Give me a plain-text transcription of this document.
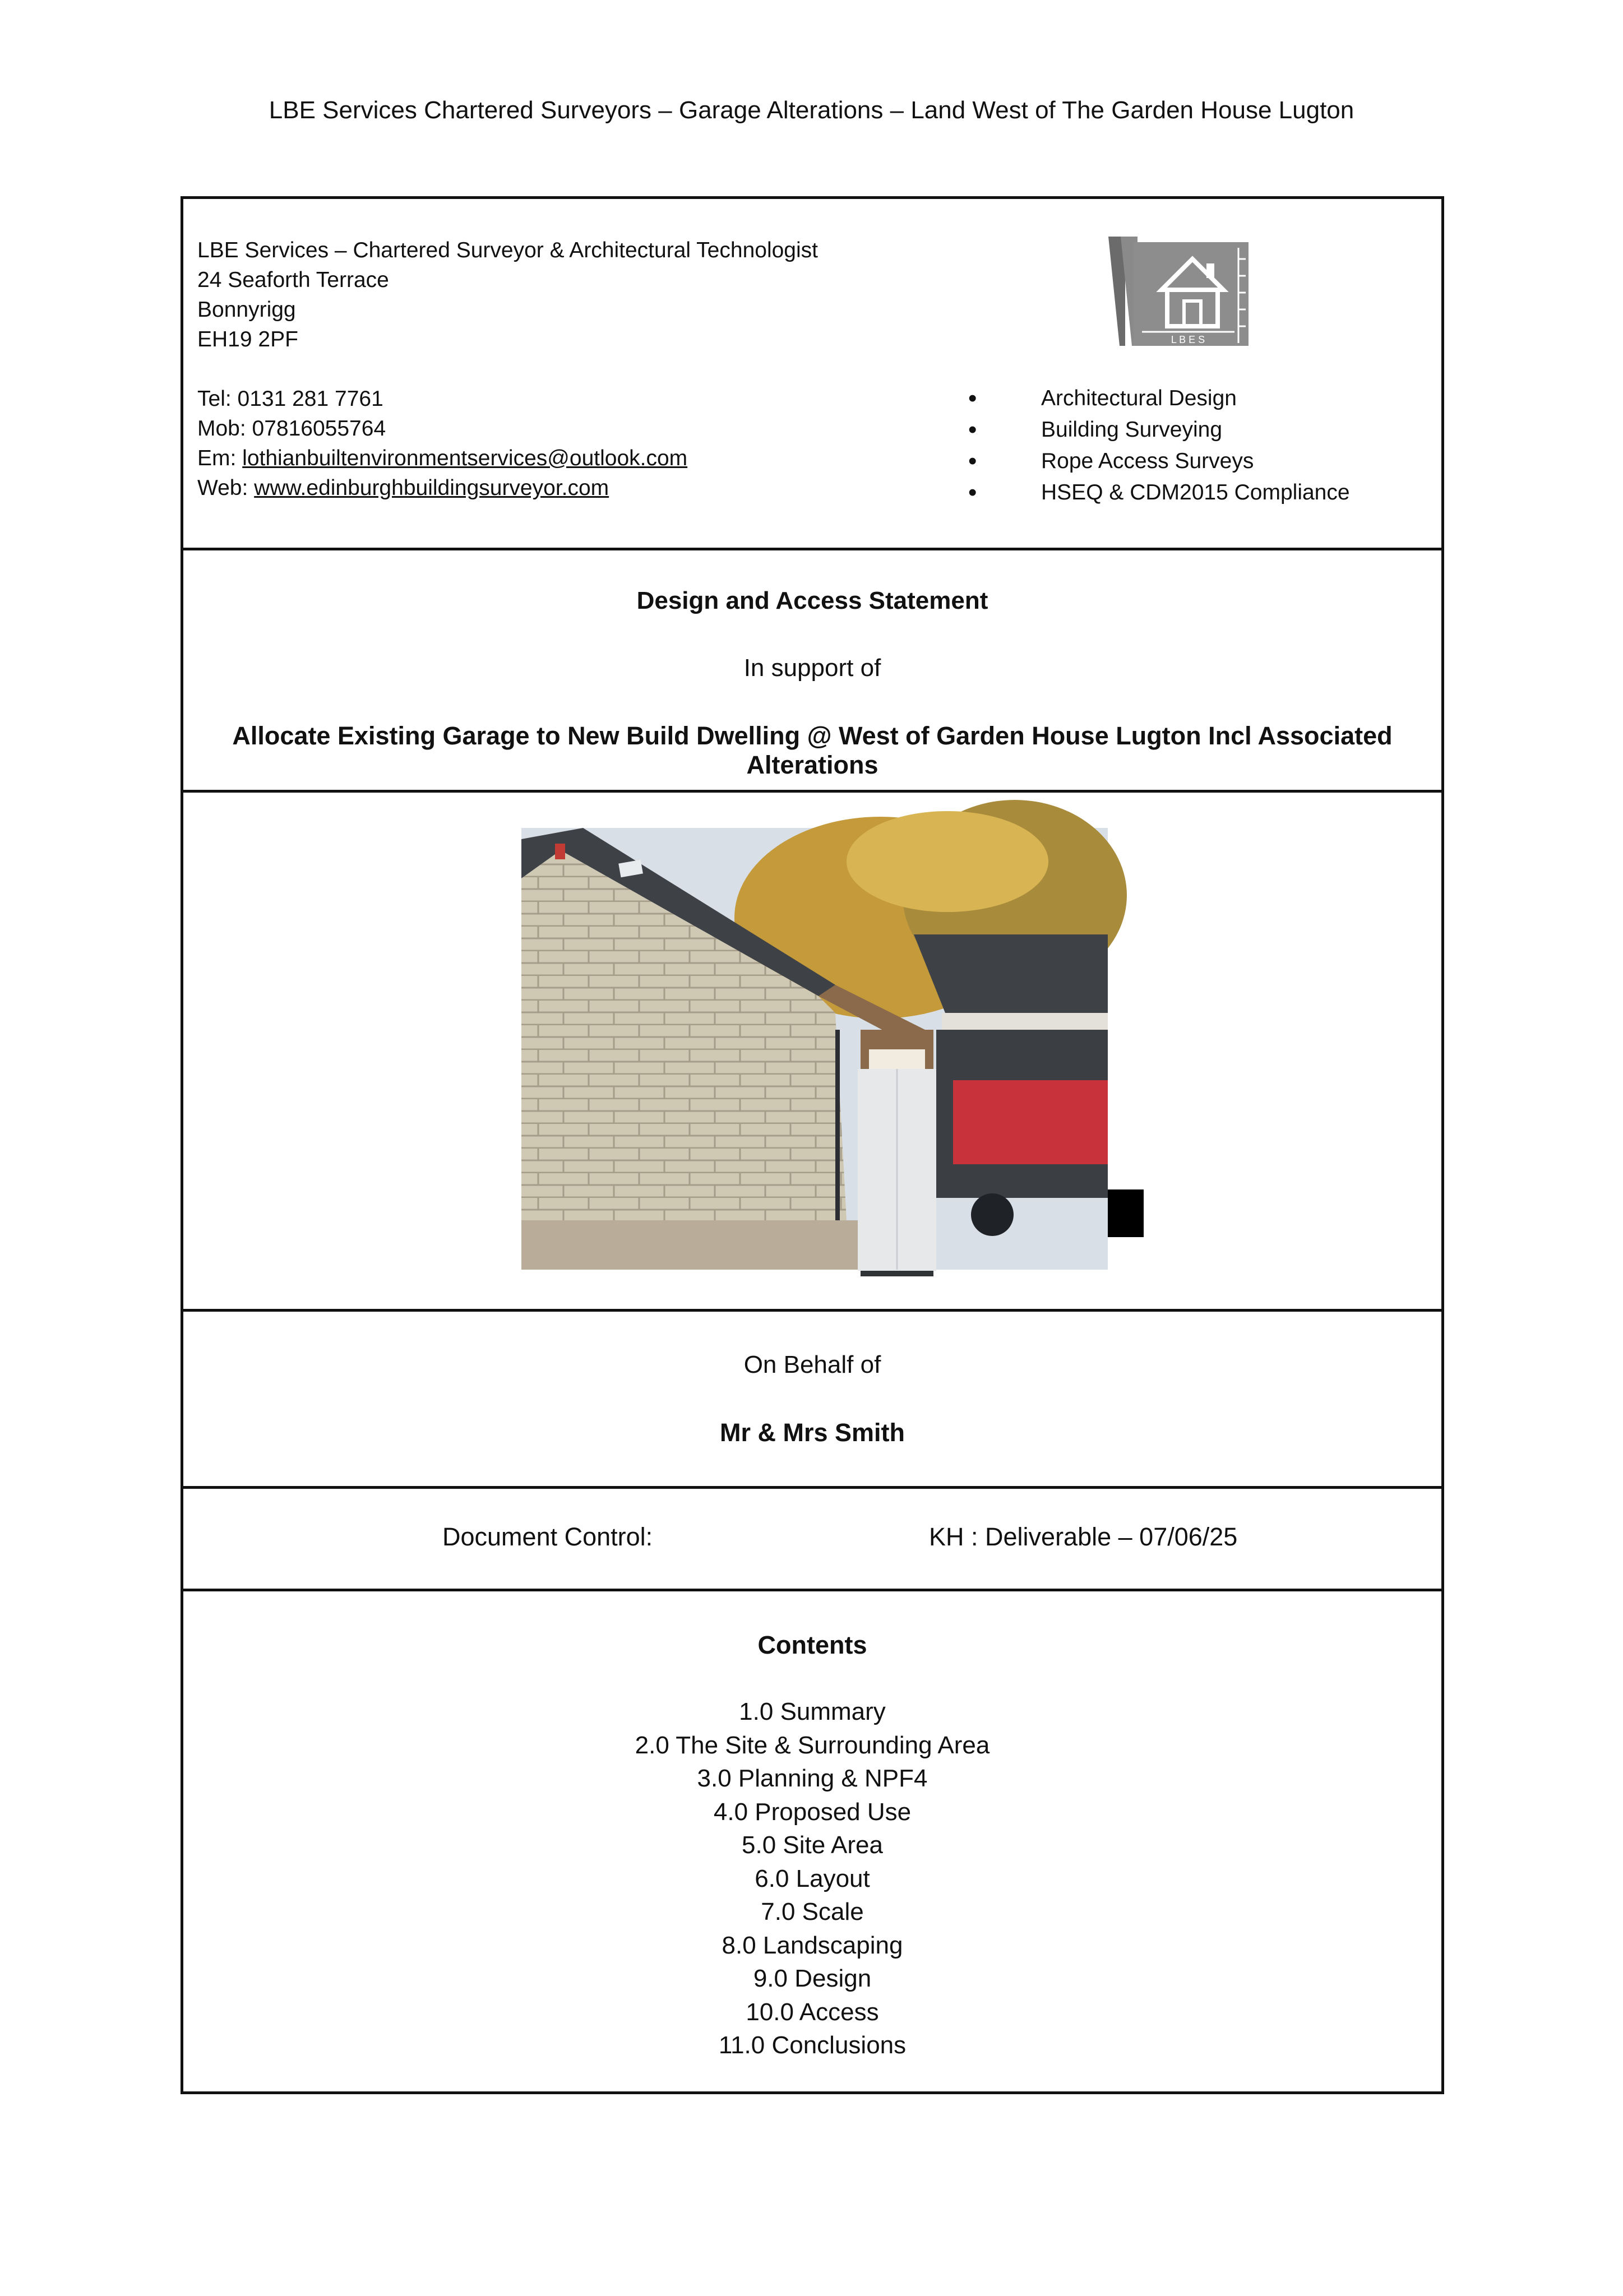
LBE Services Chartered Surveyors – Garage Alterations – Land West of The Garden House Lugton
LBE Services – Chartered Surveyor & Architectural Technologist
24 Seaforth Terrace
Bonnyrigg
EH19 2PF
Tel: 0131 281 7761
Mob: 07816055764
Em: lothianbuiltenvironmentservices@outlook.com
Web: www.edinburghbuildingsurveyor.com
L B E S
• Architectural Design
• Building Surveying
• Rope Access Surveys
• HSEQ & CDM2015 Compliance
Design and Access Statement
In support of
Allocate Existing Garage to New Build Dwelling @ West of Garden House Lugton Incl Associated Alterations
On Behalf of
Mr & Mrs Smith
Document Control:	KH : Deliverable – 07/06/25
Contents
1.0 Summary
2.0 The Site & Surrounding Area
3.0 Planning & NPF4
4.0 Proposed Use
5.0 Site Area
6.0 Layout
7.0 Scale
8.0 Landscaping
9.0 Design
10.0 Access
11.0 Conclusions
